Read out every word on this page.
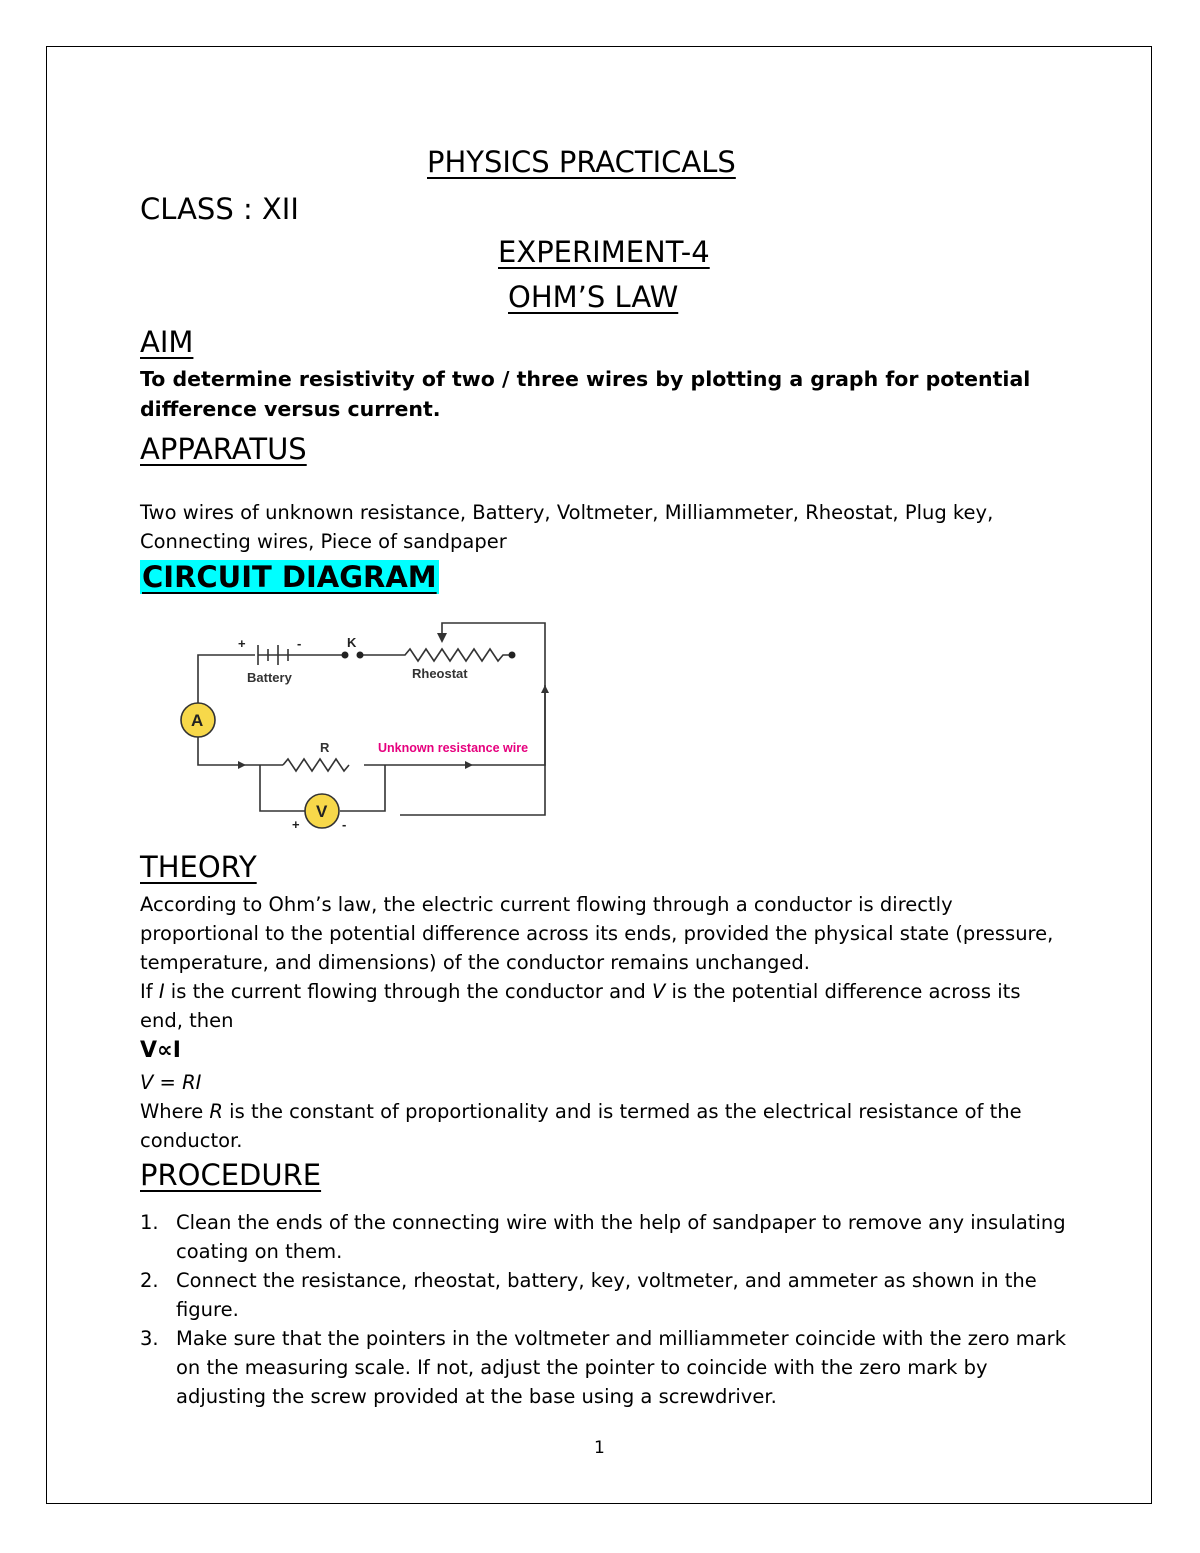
PHYSICS PRACTICALS
CLASS : XII
EXPERIMENT-4
OHM’S LAW
AIM
To determine resistivity of two / three wires by plotting a graph for potential
difference versus current.
APPARATUS
Two wires of unknown resistance, Battery, Voltmeter, Milliammeter, Rheostat, Plug key,
Connecting wires, Piece of sandpaper
CIRCUIT DIAGRAM
+	-
Battery
K
Rheostat
A
R	Unknown resistance wire
V
+	-
THEORY
According to Ohm’s law, the electric current flowing through a conductor is directly
proportional to the potential difference across its ends, provided the physical state (pressure,
temperature, and dimensions) of the conductor remains unchanged.
If I is the current flowing through the conductor and V is the potential difference across its
end, then
V∝I
V = RI
Where R is the constant of proportionality and is termed as the electrical resistance of the
conductor.
PROCEDURE
1. Clean the ends of the connecting wire with the help of sandpaper to remove any insulating coating on them.
2. Connect the resistance, rheostat, battery, key, voltmeter, and ammeter as shown in the figure.
3. Make sure that the pointers in the voltmeter and milliammeter coincide with the zero mark on the measuring scale. If not, adjust the pointer to coincide with the zero mark by adjusting the screw provided at the base using a screwdriver.
1
